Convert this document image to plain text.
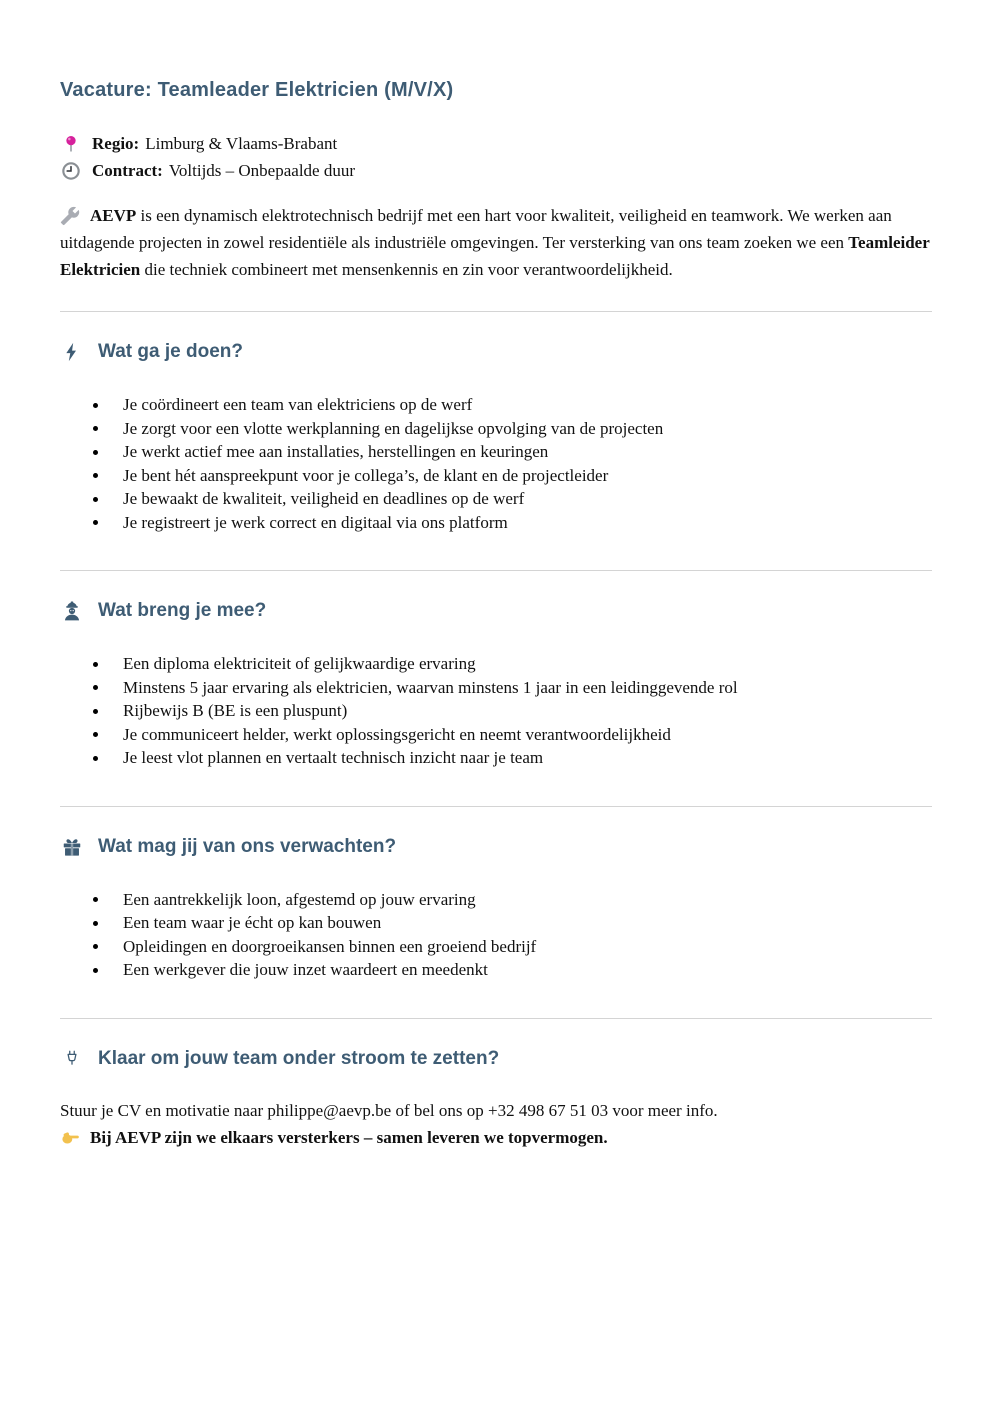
Vacature: Teamleader Elektricien (M/V/X)
Regio: Limburg & Vlaams-Brabant
Contract: Voltijds – Onbepaalde duur
AEVP is een dynamisch elektrotechnisch bedrijf met een hart voor kwaliteit, veiligheid en teamwork. We werken aan uitdagende projecten in zowel residentiële als industriële omgevingen. Ter versterking van ons team zoeken we een Teamleider Elektricien die techniek combineert met mensenkennis en zin voor verantwoordelijkheid.
Wat ga je doen?
Je coördineert een team van elektriciens op de werf
Je zorgt voor een vlotte werkplanning en dagelijkse opvolging van de projecten
Je werkt actief mee aan installaties, herstellingen en keuringen
Je bent hét aanspreekpunt voor je collega’s, de klant en de projectleider
Je bewaakt de kwaliteit, veiligheid en deadlines op de werf
Je registreert je werk correct en digitaal via ons platform
Wat breng je mee?
Een diploma elektriciteit of gelijkwaardige ervaring
Minstens 5 jaar ervaring als elektricien, waarvan minstens 1 jaar in een leidinggevende rol
Rijbewijs B (BE is een pluspunt)
Je communiceert helder, werkt oplossingsgericht en neemt verantwoordelijkheid
Je leest vlot plannen en vertaalt technisch inzicht naar je team
Wat mag jij van ons verwachten?
Een aantrekkelijk loon, afgestemd op jouw ervaring
Een team waar je écht op kan bouwen
Opleidingen en doorgroeikansen binnen een groeiend bedrijf
Een werkgever die jouw inzet waardeert en meedenkt
Klaar om jouw team onder stroom te zetten?
Stuur je CV en motivatie naar philippe@aevp.be of bel ons op +32 498 67 51 03 voor meer info.
Bij AEVP zijn we elkaars versterkers – samen leveren we topvermogen.
